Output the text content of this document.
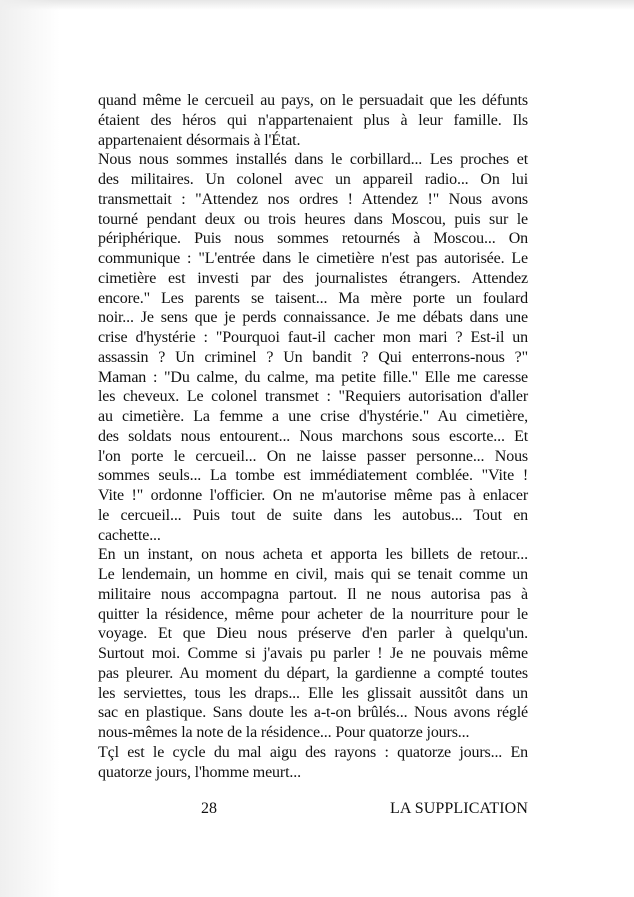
quand même le cercueil au pays, on le persuadait que les défunts
étaient des héros qui n'appartenaient plus à leur famille. Ils
appartenaient désormais à l'État.
Nous nous sommes installés dans le corbillard... Les proches et
des militaires. Un colonel avec un appareil radio... On lui
transmettait : "Attendez nos ordres ! Attendez !" Nous avons
tourné pendant deux ou trois heures dans Moscou, puis sur le
périphérique. Puis nous sommes retournés à Moscou... On
communique : "L'entrée dans le cimetière n'est pas autorisée. Le
cimetière est investi par des journalistes étrangers. Attendez
encore." Les parents se taisent... Ma mère porte un foulard
noir... Je sens que je perds connaissance. Je me débats dans une
crise d'hystérie : "Pourquoi faut-il cacher mon mari ? Est-il un
assassin ? Un criminel ? Un bandit ? Qui enterrons-nous ?"
Maman : "Du calme, du calme, ma petite fille." Elle me caresse
les cheveux. Le colonel transmet : "Requiers autorisation d'aller
au cimetière. La femme a une crise d'hystérie." Au cimetière,
des soldats nous entourent... Nous marchons sous escorte... Et
l'on porte le cercueil... On ne laisse passer personne... Nous
sommes seuls... La tombe est immédiatement comblée. "Vite !
Vite !" ordonne l'officier. On ne m'autorise même pas à enlacer
le cercueil... Puis tout de suite dans les autobus... Tout en
cachette...
En un instant, on nous acheta et apporta les billets de retour...
Le lendemain, un homme en civil, mais qui se tenait comme un
militaire nous accompagna partout. Il ne nous autorisa pas à
quitter la résidence, même pour acheter de la nourriture pour le
voyage. Et que Dieu nous préserve d'en parler à quelqu'un.
Surtout moi. Comme si j'avais pu parler ! Je ne pouvais même
pas pleurer. Au moment du départ, la gardienne a compté toutes
les serviettes, tous les draps... Elle les glissait aussitôt dans un
sac en plastique. Sans doute les a-t-on brûlés... Nous avons réglé
nous-mêmes la note de la résidence... Pour quatorze jours...
Tçl est le cycle du mal aigu des rayons : quatorze jours... En
quatorze jours, l'homme meurt...
28	LA SUPPLICATION
